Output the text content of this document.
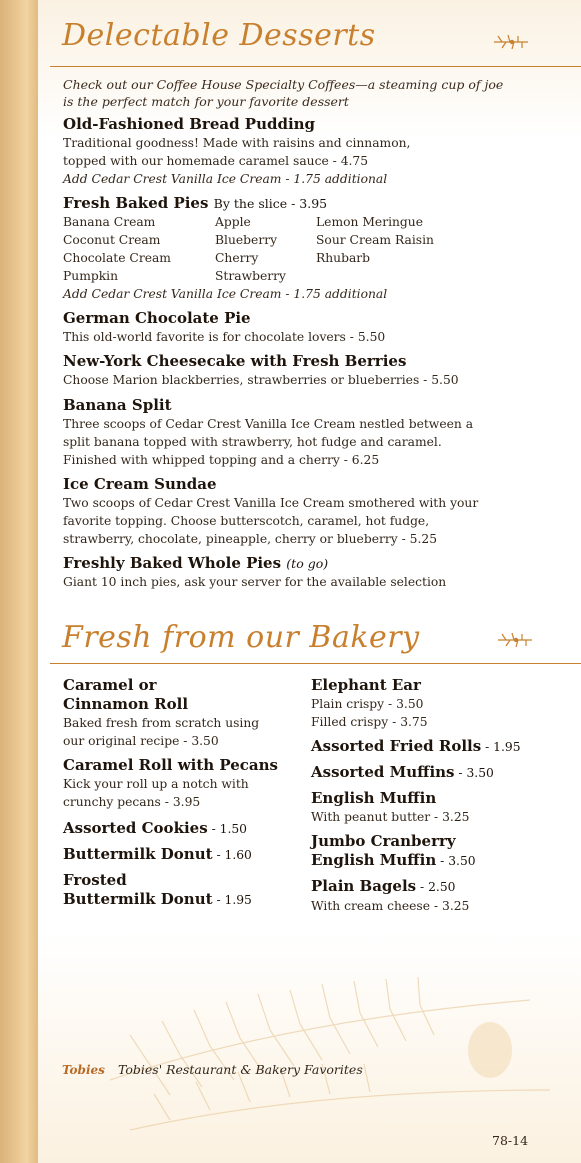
Delectable Desserts
Check out our Coffee House Specialty Coffees—a steaming cup of joe
is the perfect match for your favorite dessert
Old-Fashioned Bread Pudding
Traditional goodness! Made with raisins and cinnamon,
topped with our homemade caramel sauce - 4.75
Add Cedar Crest Vanilla Ice Cream - 1.75 additional
Fresh Baked Pies By the slice - 3.95
Banana Cream
Coconut Cream
Chocolate Cream
Pumpkin
Apple
Blueberry
Cherry
Strawberry
Lemon Meringue
Sour Cream Raisin
Rhubarb
Add Cedar Crest Vanilla Ice Cream - 1.75 additional
German Chocolate Pie
This old-world favorite is for chocolate lovers - 5.50
New-York Cheesecake with Fresh Berries
Choose Marion blackberries, strawberries or blueberries - 5.50
Banana Split
Three scoops of Cedar Crest Vanilla Ice Cream nestled between a
split banana topped with strawberry, hot fudge and caramel.
Finished with whipped topping and a cherry - 6.25
Ice Cream Sundae
Two scoops of Cedar Crest Vanilla Ice Cream smothered with your
favorite topping. Choose butterscotch, caramel, hot fudge,
strawberry, chocolate, pineapple, cherry or blueberry - 5.25
Freshly Baked Whole Pies (to go)
Giant 10 inch pies, ask your server for the available selection
Fresh from our Bakery
Caramel or
Cinnamon Roll
Baked fresh from scratch using
our original recipe - 3.50
Caramel Roll with Pecans
Kick your roll up a notch with
crunchy pecans - 3.95
Assorted Cookies - 1.50
Buttermilk Donut - 1.60
Frosted
Buttermilk Donut - 1.95
Elephant Ear
Plain crispy - 3.50
Filled crispy - 3.75
Assorted Fried Rolls - 1.95
Assorted Muffins - 3.50
English Muffin
With peanut butter - 3.25
Jumbo Cranberry
English Muffin - 3.50
Plain Bagels - 2.50
With cream cheese - 3.25
Tobies Tobies' Restaurant & Bakery Favorites
78-14
